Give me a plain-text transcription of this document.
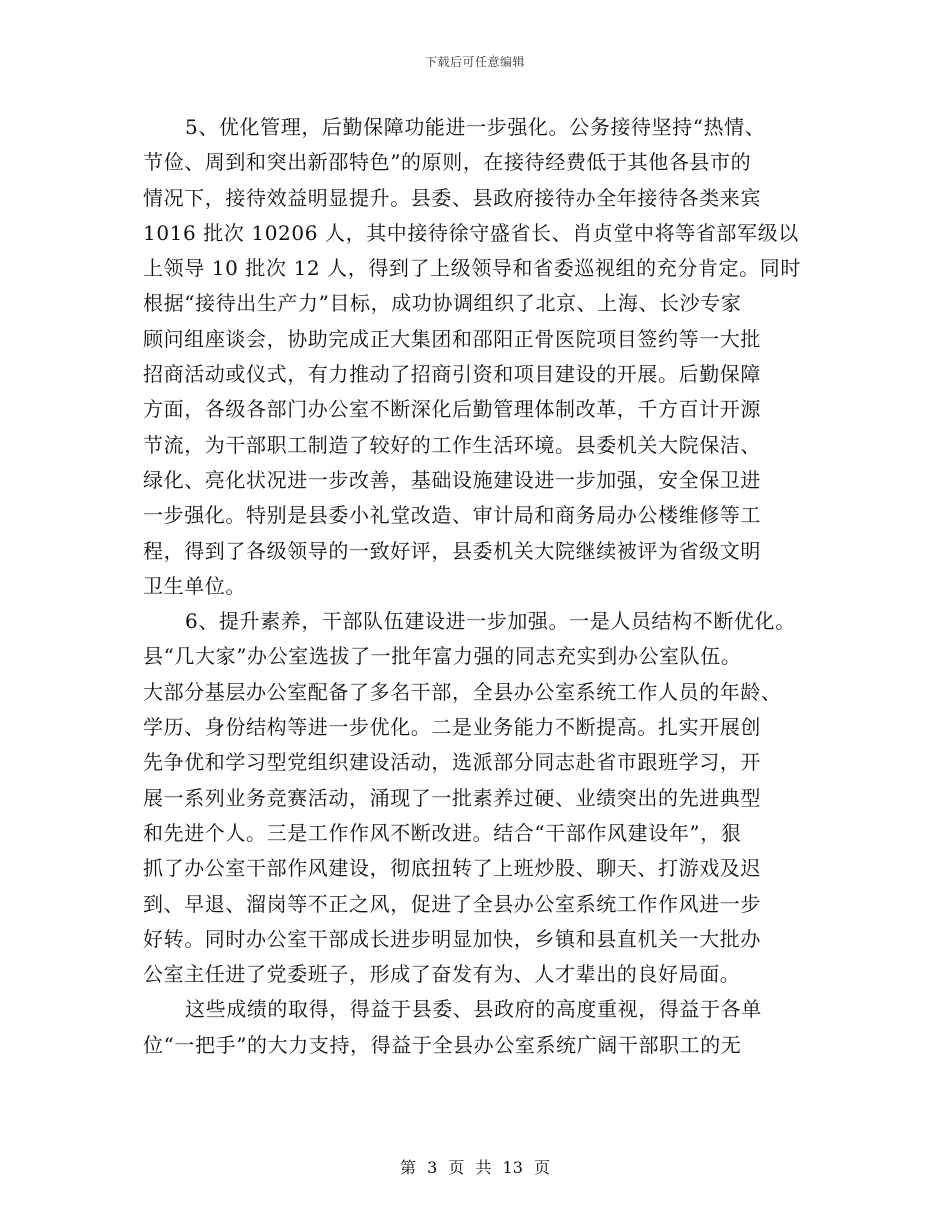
下载后可任意编辑
5、优化管理，后勤保障功能进一步强化。公务接待坚持“热情、
节俭、周到和突出新邵特色”的原则，在接待经费低于其他各县市的
情况下，接待效益明显提升。县委、县政府接待办全年接待各类来宾
1016 批次 10206 人，其中接待徐守盛省长、肖贞堂中将等省部军级以
上领导 10 批次 12 人，得到了上级领导和省委巡视组的充分肯定。同时
根据“接待出生产力”目标，成功协调组织了北京、上海、长沙专家
顾问组座谈会，协助完成正大集团和邵阳正骨医院项目签约等一大批
招商活动或仪式，有力推动了招商引资和项目建设的开展。后勤保障
方面，各级各部门办公室不断深化后勤管理体制改革，千方百计开源
节流，为干部职工制造了较好的工作生活环境。县委机关大院保洁、
绿化、亮化状况进一步改善，基础设施建设进一步加强，安全保卫进
一步强化。特别是县委小礼堂改造、审计局和商务局办公楼维修等工
程，得到了各级领导的一致好评，县委机关大院继续被评为省级文明
卫生单位。
6、提升素养，干部队伍建设进一步加强。一是人员结构不断优化。
县“几大家”办公室选拔了一批年富力强的同志充实到办公室队伍。
大部分基层办公室配备了多名干部，全县办公室系统工作人员的年龄、
学历、身份结构等进一步优化。二是业务能力不断提高。扎实开展创
先争优和学习型党组织建设活动，选派部分同志赴省市跟班学习，开
展一系列业务竞赛活动，涌现了一批素养过硬、业绩突出的先进典型
和先进个人。三是工作作风不断改进。结合“干部作风建设年”，狠
抓了办公室干部作风建设，彻底扭转了上班炒股、聊天、打游戏及迟
到、早退、溜岗等不正之风，促进了全县办公室系统工作作风进一步
好转。同时办公室干部成长进步明显加快，乡镇和县直机关一大批办
公室主任进了党委班子，形成了奋发有为、人才辈出的良好局面。
这些成绩的取得，得益于县委、县政府的高度重视，得益于各单
位“一把手”的大力支持，得益于全县办公室系统广阔干部职工的无
第 3 页 共 13 页
